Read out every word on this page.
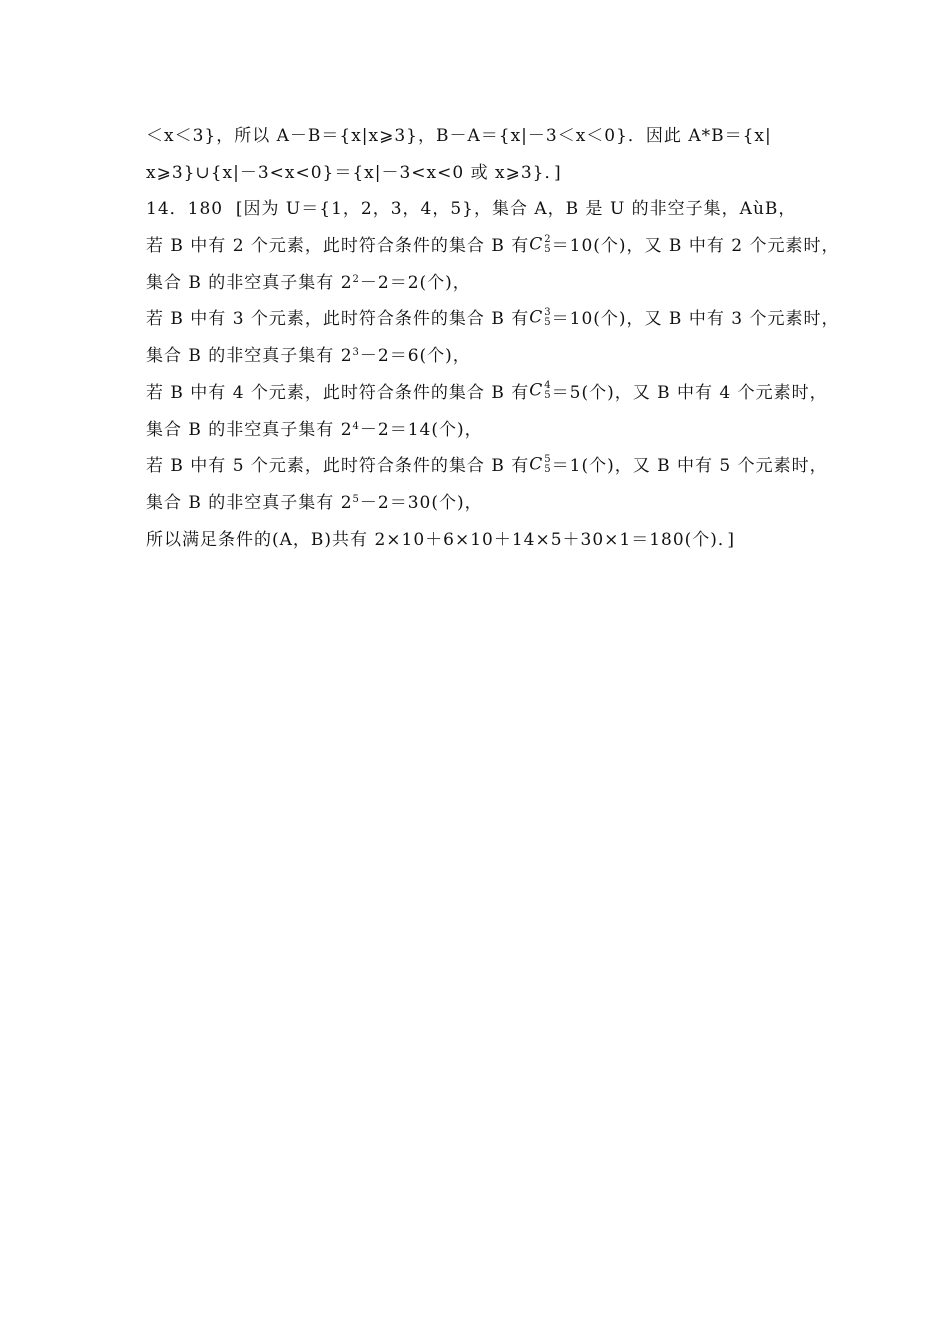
＜x＜3}，所以 A－B＝{x|x⩾3}，B－A＝{x|－3＜x＜0}．因此 A*B＝{x|
x⩾3}∪{x|－3<x<0}＝{x|－3<x<0 或 x⩾3}．]
14．180  [因为 U＝{1，2，3，4，5}，集合 A，B 是 U 的非空子集，AùB，
若 B 中有 2 个元素，此时符合条件的集合 B 有C 2
5 ＝10(个)，又 B 中有 2 个元素时，
集合 B 的非空真子集有 $2^2-2=2$(个)，
若 B 中有 3 个元素，此时符合条件的集合 B 有C 3
5 ＝10(个)，又 B 中有 3 个元素时，
集合 B 的非空真子集有 $2^3-2=6$(个)，
若 B 中有 4 个元素，此时符合条件的集合 B 有C 4
5 ＝5(个)，又 B 中有 4 个元素时，
集合 B 的非空真子集有 $2^4-2=14$(个)，
若 B 中有 5 个元素，此时符合条件的集合 B 有C 5
5 ＝1(个)，又 B 中有 5 个元素时，
集合 B 的非空真子集有 $2^5-2=30$(个)，
所以满足条件的(A，B)共有 2×10＋6×10＋14×5＋30×1＝180(个)．]
